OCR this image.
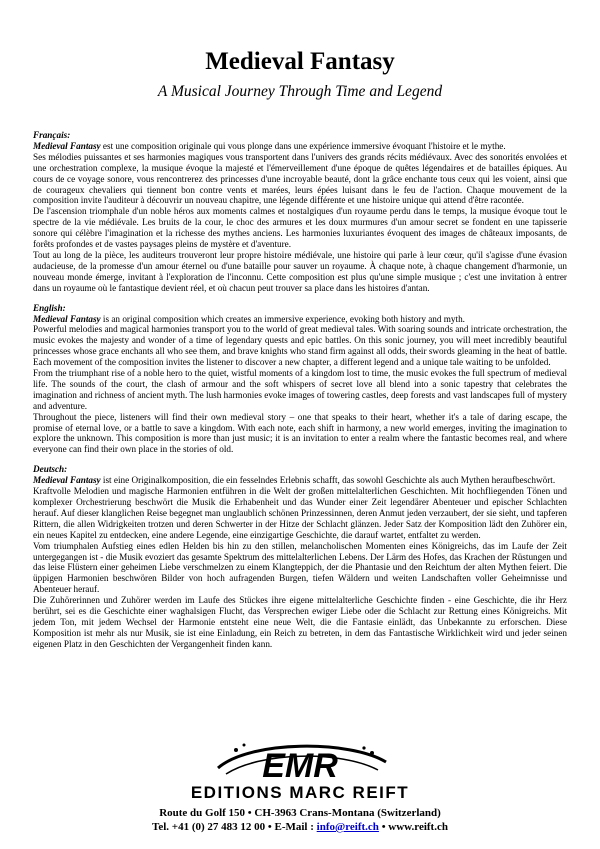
Medieval Fantasy
A Musical Journey Through Time and Legend
Français:

Medieval Fantasy est une composition originale qui vous plonge dans une expérience immersive évoquant l'histoire et le mythe.

Ses mélodies puissantes et ses harmonies magiques vous transportent dans l'univers des grands récits médiévaux. Avec des sonorités envolées et une orchestration complexe, la musique évoque la majesté et l'émerveillement d'une époque de quêtes légendaires et de batailles épiques. Au cours de ce voyage sonore, vous rencontrerez des princesses d'une incroyable beauté, dont la grâce enchante tous ceux qui les voient, ainsi que de courageux chevaliers qui tiennent bon contre vents et marées, leurs épées luisant dans le feu de l'action. Chaque mouvement de la composition invite l'auditeur à découvrir un nouveau chapitre, une légende différente et une histoire unique qui attend d'être racontée.

De l'ascension triomphale d'un noble héros aux moments calmes et nostalgiques d'un royaume perdu dans le temps, la musique évoque tout le spectre de la vie médiévale. Les bruits de la cour, le choc des armures et les doux murmures d'un amour secret se fondent en une tapisserie sonore qui célèbre l'imagination et la richesse des mythes anciens. Les harmonies luxuriantes évoquent des images de châteaux imposants, de forêts profondes et de vastes paysages pleins de mystère et d'aventure.

Tout au long de la pièce, les auditeurs trouveront leur propre histoire médiévale, une histoire qui parle à leur cœur, qu'il s'agisse d'une évasion audacieuse, de la promesse d'un amour éternel ou d'une bataille pour sauver un royaume. À chaque note, à chaque changement d'harmonie, un nouveau monde émerge, invitant à l'exploration de l'inconnu. Cette composition est plus qu'une simple musique ; c'est une invitation à entrer dans un royaume où le fantastique devient réel, et où chacun peut trouver sa place dans les histoires d'antan.

English:

Medieval Fantasy is an original composition which creates an immersive experience, evoking both history and myth.

Powerful melodies and magical harmonies transport you to the world of great medieval tales. With soaring sounds and intricate orchestration, the music evokes the majesty and wonder of a time of legendary quests and epic battles. On this sonic journey, you will meet incredibly beautiful princesses whose grace enchants all who see them, and brave knights who stand firm against all odds, their swords gleaming in the heat of battle. Each movement of the composition invites the listener to discover a new chapter, a different legend and a unique tale waiting to be unfolded.

From the triumphant rise of a noble hero to the quiet, wistful moments of a kingdom lost to time, the music evokes the full spectrum of medieval life. The sounds of the court, the clash of armour and the soft whispers of secret love all blend into a sonic tapestry that celebrates the imagination and richness of ancient myth. The lush harmonies evoke images of towering castles, deep forests and vast landscapes full of mystery and adventure.

Throughout the piece, listeners will find their own medieval story – one that speaks to their heart, whether it's a tale of daring escape, the promise of eternal love, or a battle to save a kingdom. With each note, each shift in harmony, a new world emerges, inviting the imagination to explore the unknown. This composition is more than just music; it is an invitation to enter a realm where the fantastic becomes real, and where everyone can find their own place in the stories of old.

Deutsch:

Medieval Fantasy ist eine Originalkomposition, die ein fesselndes Erlebnis schafft, das sowohl Geschichte als auch Mythen heraufbeschwört.

Kraftvolle Melodien und magische Harmonien entführen in die Welt der großen mittelalterlichen Geschichten. Mit hochfliegenden Tönen und komplexer Orchestrierung beschwört die Musik die Erhabenheit und das Wunder einer Zeit legendärer Abenteuer und epischer Schlachten herauf. Auf dieser klanglichen Reise begegnet man unglaublich schönen Prinzessinnen, deren Anmut jeden verzaubert, der sie sieht, und tapferen Rittern, die allen Widrigkeiten trotzen und deren Schwerter in der Hitze der Schlacht glänzen. Jeder Satz der Komposition lädt den Zuhörer ein, ein neues Kapitel zu entdecken, eine andere Legende, eine einzigartige Geschichte, die darauf wartet, entfaltet zu werden.

Vom triumphalen Aufstieg eines edlen Helden bis hin zu den stillen, melancholischen Momenten eines Königreichs, das im Laufe der Zeit untergegangen ist - die Musik evoziert das gesamte Spektrum des mittelalterlichen Lebens. Der Lärm des Hofes, das Krachen der Rüstungen und das leise Flüstern einer geheimen Liebe verschmelzen zu einem Klangteppich, der die Phantasie und den Reichtum der alten Mythen feiert. Die üppigen Harmonien beschwören Bilder von hoch aufragenden Burgen, tiefen Wäldern und weiten Landschaften voller Geheimnisse und Abenteuer herauf.

Die Zuhörerinnen und Zuhörer werden im Laufe des Stückes ihre eigene mittelalterliche Geschichte finden - eine Geschichte, die ihr Herz berührt, sei es die Geschichte einer waghalsigen Flucht, das Versprechen ewiger Liebe oder die Schlacht zur Rettung eines Königreichs. Mit jedem Ton, mit jedem Wechsel der Harmonie entsteht eine neue Welt, die die Fantasie einlädt, das Unbekannte zu erforschen. Diese Komposition ist mehr als nur Musik, sie ist eine Einladung, ein Reich zu betreten, in dem das Fantastische Wirklichkeit wird und jeder seinen eigenen Platz in den Geschichten der Vergangenheit finden kann.

EMR
EDITIONS MARC REIFT
Route du Golf 150 • CH-3963 Crans-Montana (Switzerland)
Tel. +41 (0) 27 483 12 00 • E-Mail : info@reift.ch • www.reift.ch
